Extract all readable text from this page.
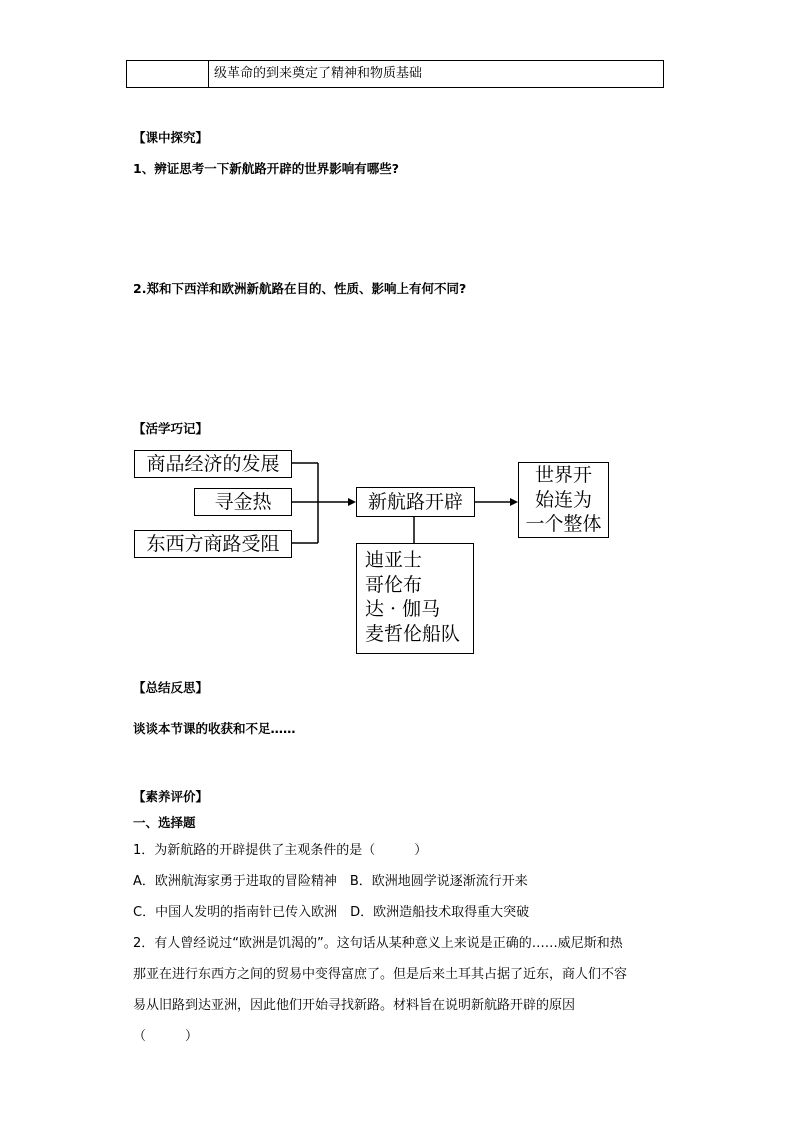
级革命的到来奠定了精神和物质基础
【课中探究】
1、辨证思考一下新航路开辟的世界影响有哪些?
2.郑和下西洋和欧洲新航路在目的、性质、影响上有何不同?
【活学巧记】
商品经济的发展
寻金热
东西方商路受阻
新航路开辟
世界开
始连为
一个整体
迪亚士
哥伦布
达 · 伽马
麦哲伦船队
【总结反思】
谈谈本节课的收获和不足……
【素养评价】
一、选择题
1．为新航路的开辟提供了主观条件的是（　　　）
A．欧洲航海家勇于进取的冒险精神　B．欧洲地圆学说逐渐流行开来
C．中国人发明的指南针已传入欧洲　D．欧洲造船技术取得重大突破
2．有人曾经说过“欧洲是饥渴的”。这句话从某种意义上来说是正确的……威尼斯和热
那亚在进行东西方之间的贸易中变得富庶了。但是后来土耳其占据了近东，商人们不容
易从旧路到达亚洲，因此他们开始寻找新路。材料旨在说明新航路开辟的原因
（　　　）
